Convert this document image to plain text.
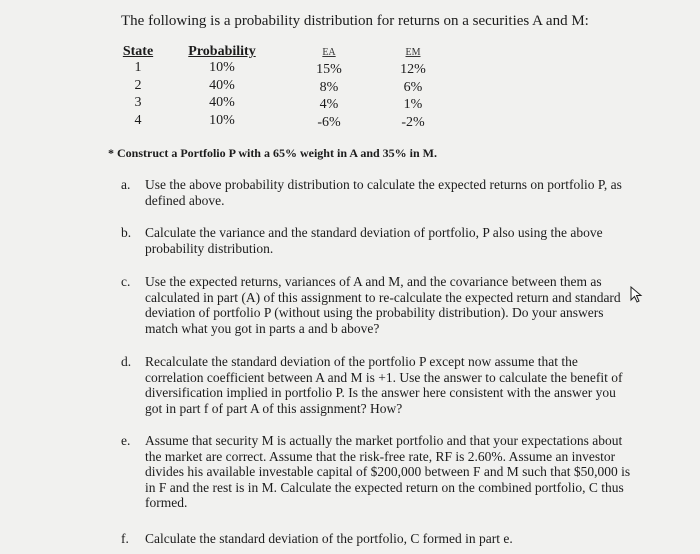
The following is a probability distribution for returns on a securities A and M:
State	Probability	EA	EM
1	10%	15%	12%
2	40%	8%	6%
3	40%	4%	1%
4	10%	-6%	-2%
* Construct a Portfolio P with a 65% weight in A and 35% in M.
a.	Use the above probability distribution to calculate the expected returns on portfolio P, as defined above.
b.	Calculate the variance and the standard deviation of portfolio, P also using the above probability distribution.
c.	Use the expected returns, variances of A and M, and the covariance between them as calculated in part (A) of this assignment to re-calculate the expected return and standard deviation of portfolio P (without using the probability distribution). Do your answers match what you got in parts a and b above?
d.	Recalculate the standard deviation of the portfolio P except now assume that the correlation coefficient between A and M is +1. Use the answer to calculate the benefit of diversification implied in portfolio P. Is the answer here consistent with the answer you got in part f of part A of this assignment? How?
e.	Assume that security M is actually the market portfolio and that your expectations about the market are correct. Assume that the risk-free rate, RF is 2.60%. Assume an investor divides his available investable capital of $200,000 between F and M such that $50,000 is in F and the rest is in M. Calculate the expected return on the combined portfolio, C thus formed.
f.	Calculate the standard deviation of the portfolio, C formed in part e.
